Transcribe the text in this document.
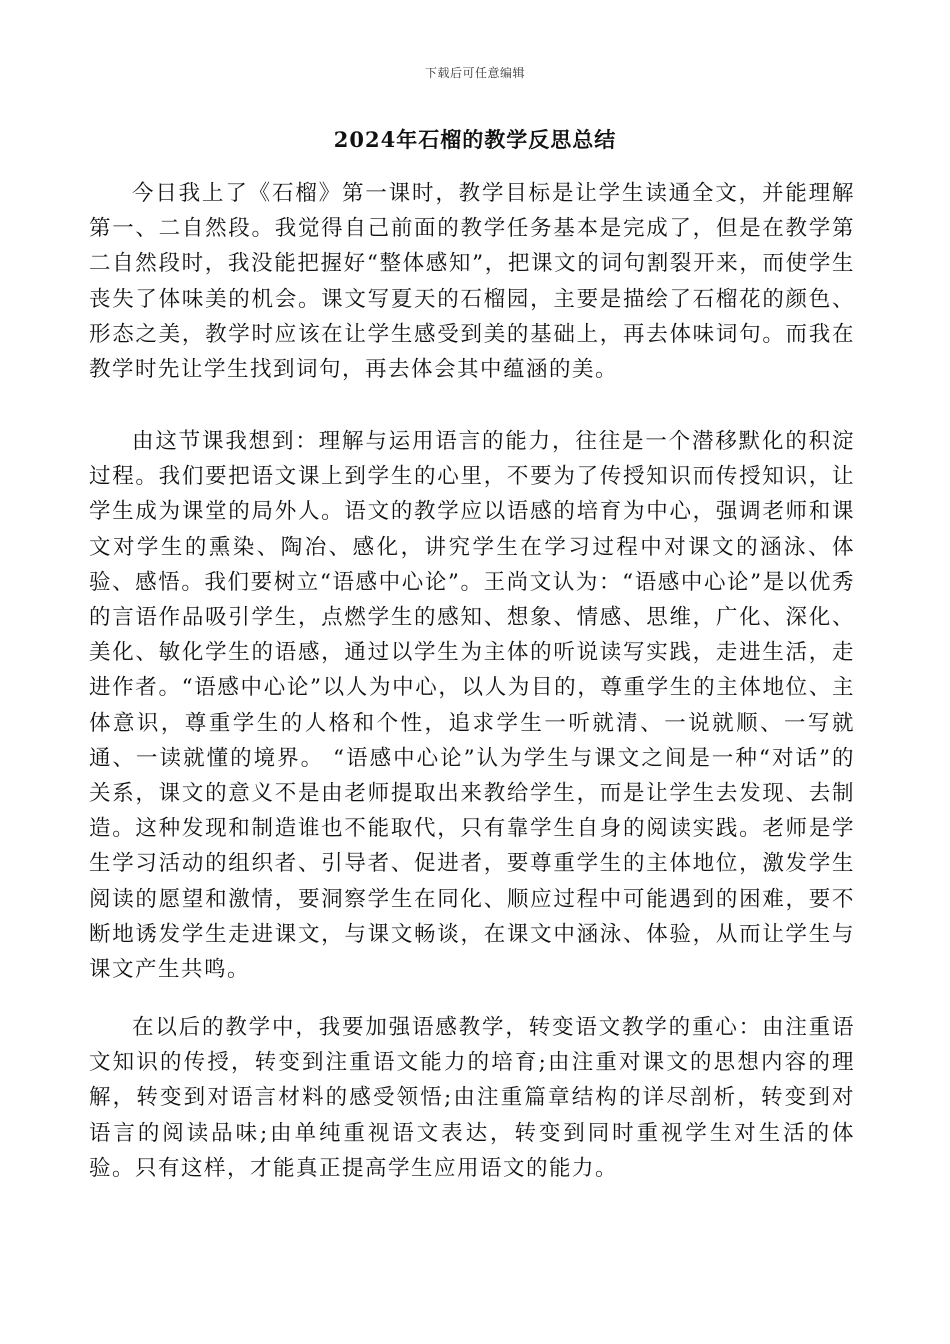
下载后可任意编辑
2024年石榴的教学反思总结

今日我上了《石榴》第一课时，教学目标是让学生读通全文，并能理解第一、二自然段。我觉得自己前面的教学任务基本是完成了，但是在教学第二自然段时，我没能把握好“整体感知”，把课文的词句割裂开来，而使学生丧失了体味美的机会。课文写夏天的石榴园，主要是描绘了石榴花的颜色、形态之美，教学时应该在让学生感受到美的基础上，再去体味词句。而我在教学时先让学生找到词句，再去体会其中蕴涵的美。

由这节课我想到：理解与运用语言的能力，往往是一个潜移默化的积淀过程。我们要把语文课上到学生的心里，不要为了传授知识而传授知识，让学生成为课堂的局外人。语文的教学应以语感的培育为中心，强调老师和课文对学生的熏染、陶冶、感化，讲究学生在学习过程中对课文的涵泳、体验、感悟。我们要树立“语感中心论”。王尚文认为：“语感中心论”是以优秀的言语作品吸引学生，点燃学生的感知、想象、情感、思维，广化、深化、美化、敏化学生的语感，通过以学生为主体的听说读写实践，走进生活，走进作者。“语感中心论”以人为中心，以人为目的，尊重学生的主体地位、主体意识，尊重学生的人格和个性，追求学生一听就清、一说就顺、一写就通、一读就懂的境界。 “语感中心论”认为学生与课文之间是一种“对话”的关系，课文的意义不是由老师提取出来教给学生，而是让学生去发现、去制造。这种发现和制造谁也不能取代，只有靠学生自身的阅读实践。老师是学生学习活动的组织者、引导者、促进者，要尊重学生的主体地位，激发学生阅读的愿望和激情，要洞察学生在同化、顺应过程中可能遇到的困难，要不断地诱发学生走进课文，与课文畅谈，在课文中涵泳、体验，从而让学生与课文产生共鸣。

在以后的教学中，我要加强语感教学，转变语文教学的重心：由注重语文知识的传授，转变到注重语文能力的培育;由注重对课文的思想内容的理解，转变到对语言材料的感受领悟;由注重篇章结构的详尽剖析，转变到对语言的阅读品味;由单纯重视语文表达，转变到同时重视学生对生活的体验。只有这样，才能真正提高学生应用语文的能力。
